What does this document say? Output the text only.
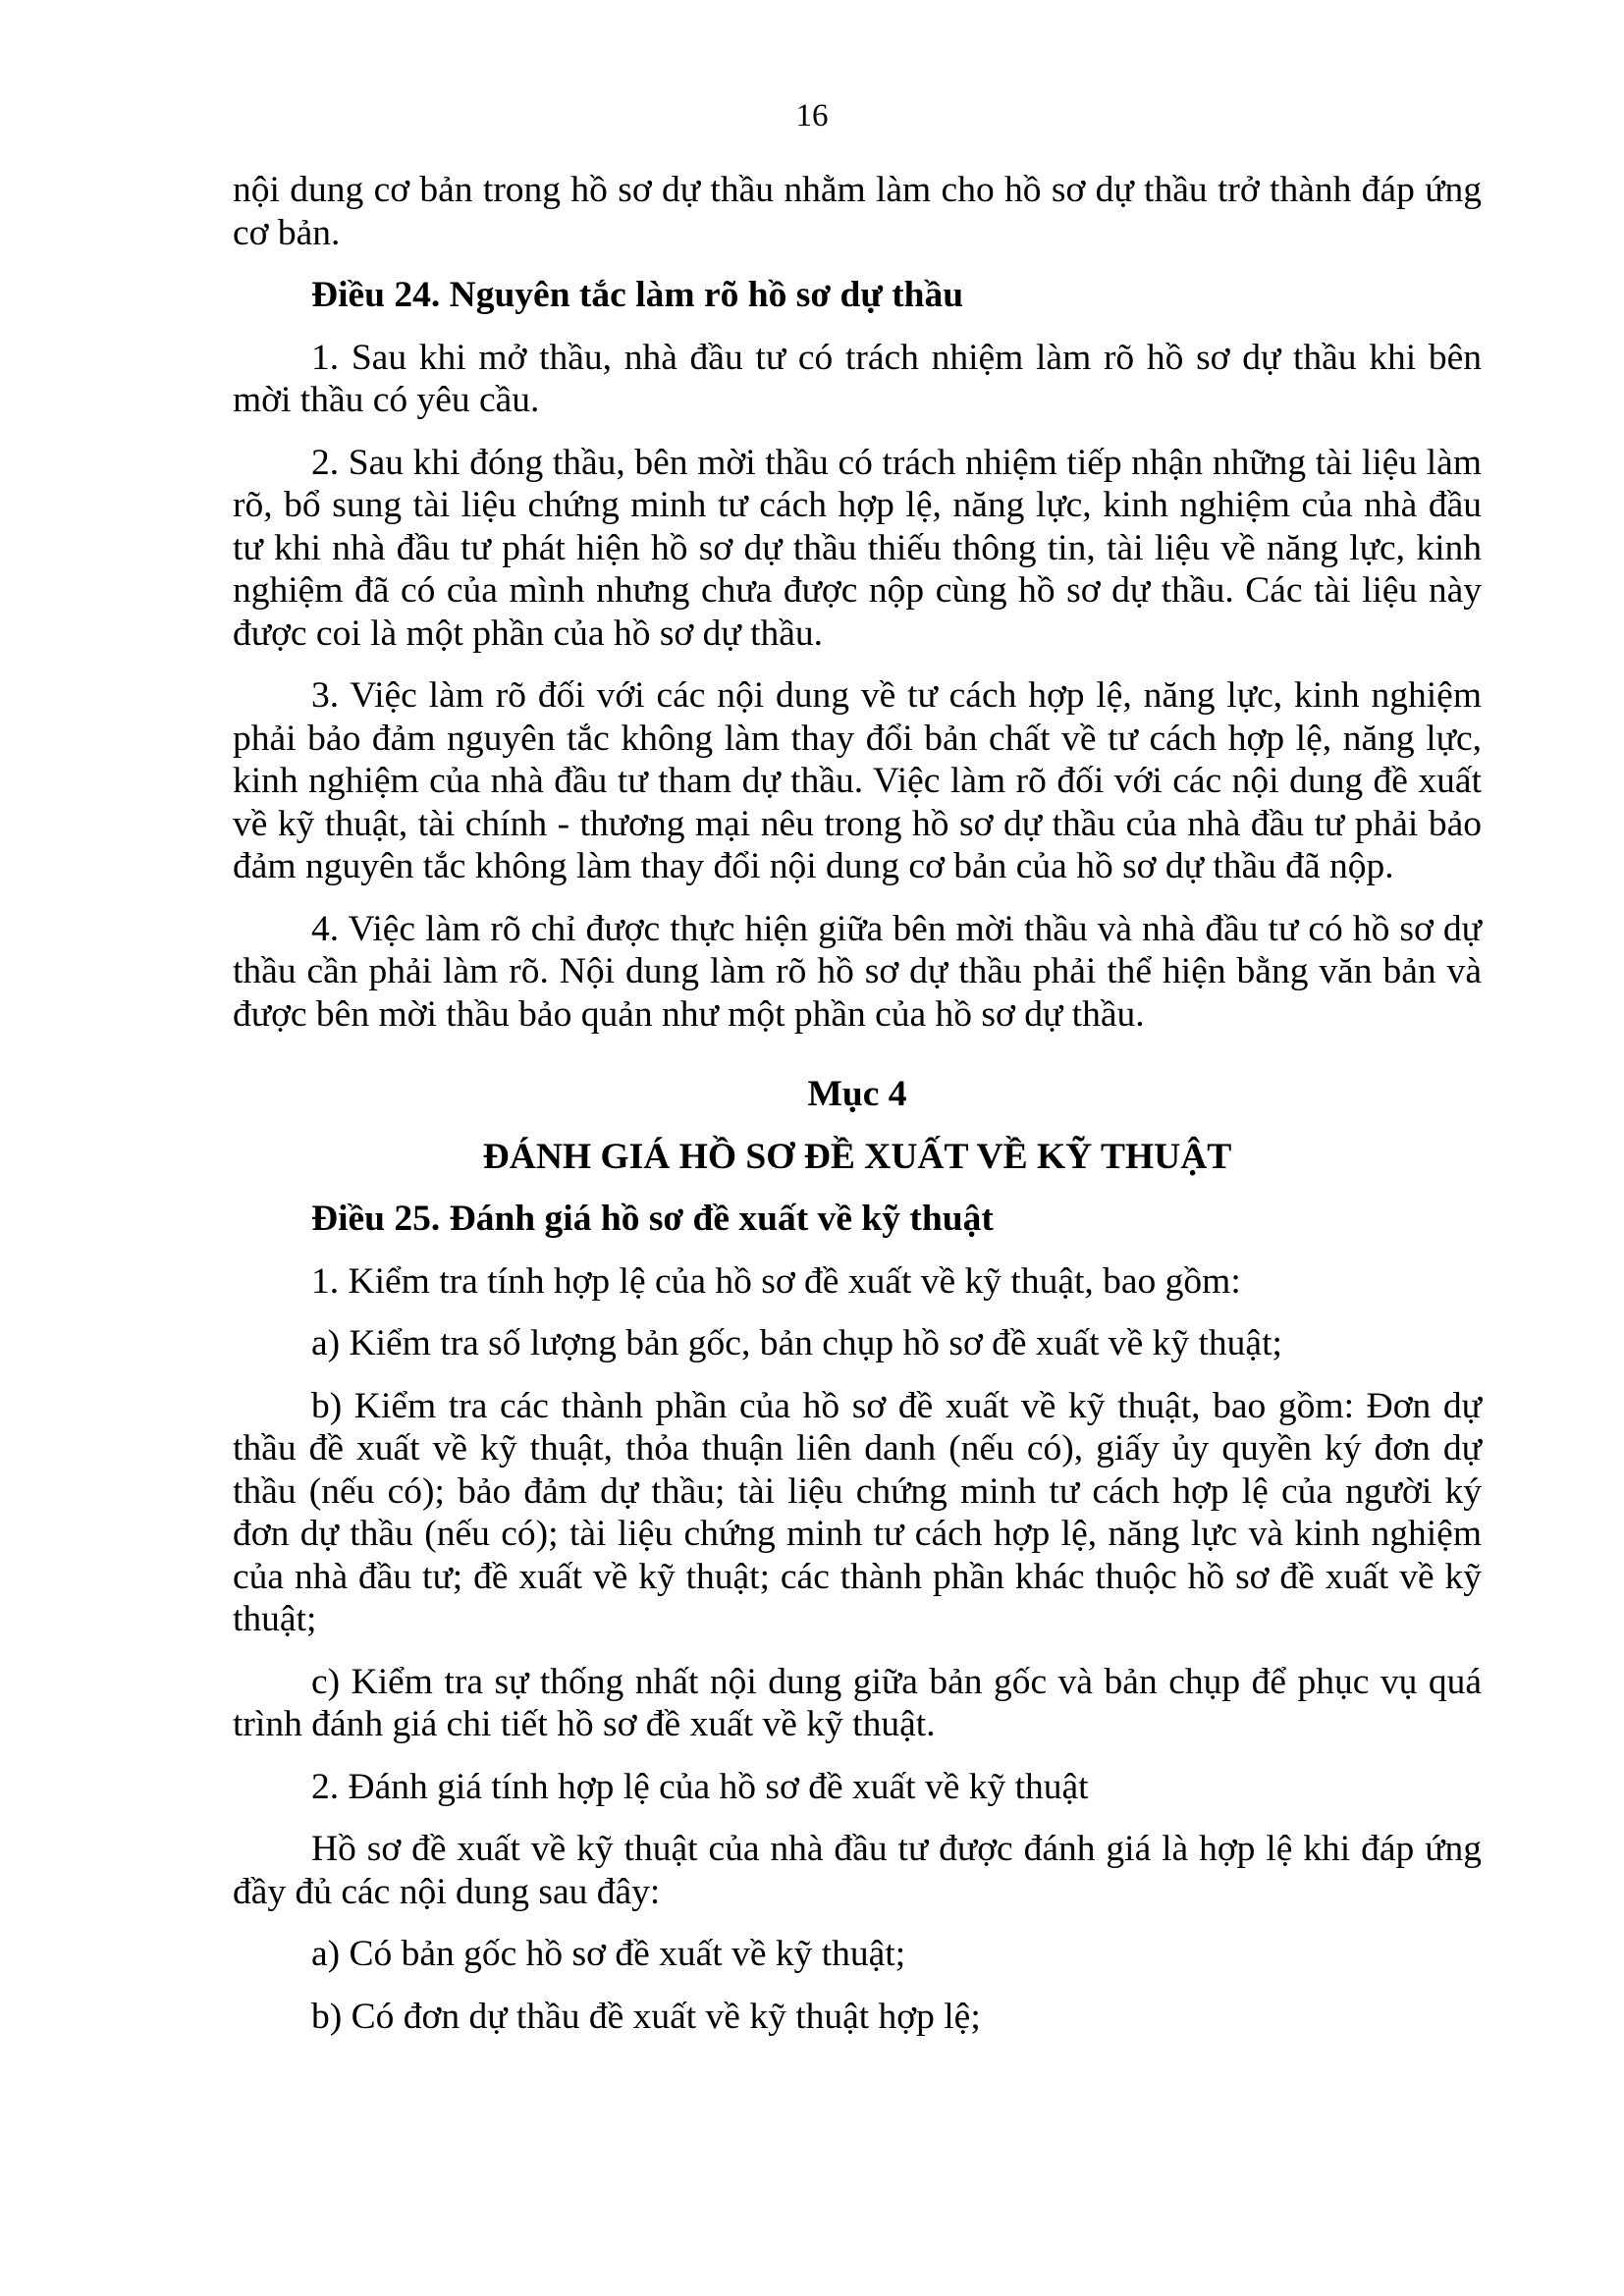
16

nội dung cơ bản trong hồ sơ dự thầu nhằm làm cho hồ sơ dự thầu trở thành đáp ứng cơ bản.

Điều 24. Nguyên tắc làm rõ hồ sơ dự thầu

1. Sau khi mở thầu, nhà đầu tư có trách nhiệm làm rõ hồ sơ dự thầu khi bên mời thầu có yêu cầu.

2. Sau khi đóng thầu, bên mời thầu có trách nhiệm tiếp nhận những tài liệu làm rõ, bổ sung tài liệu chứng minh tư cách hợp lệ, năng lực, kinh nghiệm của nhà đầu tư khi nhà đầu tư phát hiện hồ sơ dự thầu thiếu thông tin, tài liệu về năng lực, kinh nghiệm đã có của mình nhưng chưa được nộp cùng hồ sơ dự thầu. Các tài liệu này được coi là một phần của hồ sơ dự thầu.

3. Việc làm rõ đối với các nội dung về tư cách hợp lệ, năng lực, kinh nghiệm phải bảo đảm nguyên tắc không làm thay đổi bản chất về tư cách hợp lệ, năng lực, kinh nghiệm của nhà đầu tư tham dự thầu. Việc làm rõ đối với các nội dung đề xuất về kỹ thuật, tài chính - thương mại nêu trong hồ sơ dự thầu của nhà đầu tư phải bảo đảm nguyên tắc không làm thay đổi nội dung cơ bản của hồ sơ dự thầu đã nộp.

4. Việc làm rõ chỉ được thực hiện giữa bên mời thầu và nhà đầu tư có hồ sơ dự thầu cần phải làm rõ. Nội dung làm rõ hồ sơ dự thầu phải thể hiện bằng văn bản và được bên mời thầu bảo quản như một phần của hồ sơ dự thầu.

Mục 4

ĐÁNH GIÁ HỒ SƠ ĐỀ XUẤT VỀ KỸ THUẬT

Điều 25. Đánh giá hồ sơ đề xuất về kỹ thuật

1. Kiểm tra tính hợp lệ của hồ sơ đề xuất về kỹ thuật, bao gồm:

a) Kiểm tra số lượng bản gốc, bản chụp hồ sơ đề xuất về kỹ thuật;

b) Kiểm tra các thành phần của hồ sơ đề xuất về kỹ thuật, bao gồm: Đơn dự thầu đề xuất về kỹ thuật, thỏa thuận liên danh (nếu có), giấy ủy quyền ký đơn dự thầu (nếu có); bảo đảm dự thầu; tài liệu chứng minh tư cách hợp lệ của người ký đơn dự thầu (nếu có); tài liệu chứng minh tư cách hợp lệ, năng lực và kinh nghiệm của nhà đầu tư; đề xuất về kỹ thuật; các thành phần khác thuộc hồ sơ đề xuất về kỹ thuật;

c) Kiểm tra sự thống nhất nội dung giữa bản gốc và bản chụp để phục vụ quá trình đánh giá chi tiết hồ sơ đề xuất về kỹ thuật.

2. Đánh giá tính hợp lệ của hồ sơ đề xuất về kỹ thuật

Hồ sơ đề xuất về kỹ thuật của nhà đầu tư được đánh giá là hợp lệ khi đáp ứng đầy đủ các nội dung sau đây:

a) Có bản gốc hồ sơ đề xuất về kỹ thuật;

b) Có đơn dự thầu đề xuất về kỹ thuật hợp lệ;
